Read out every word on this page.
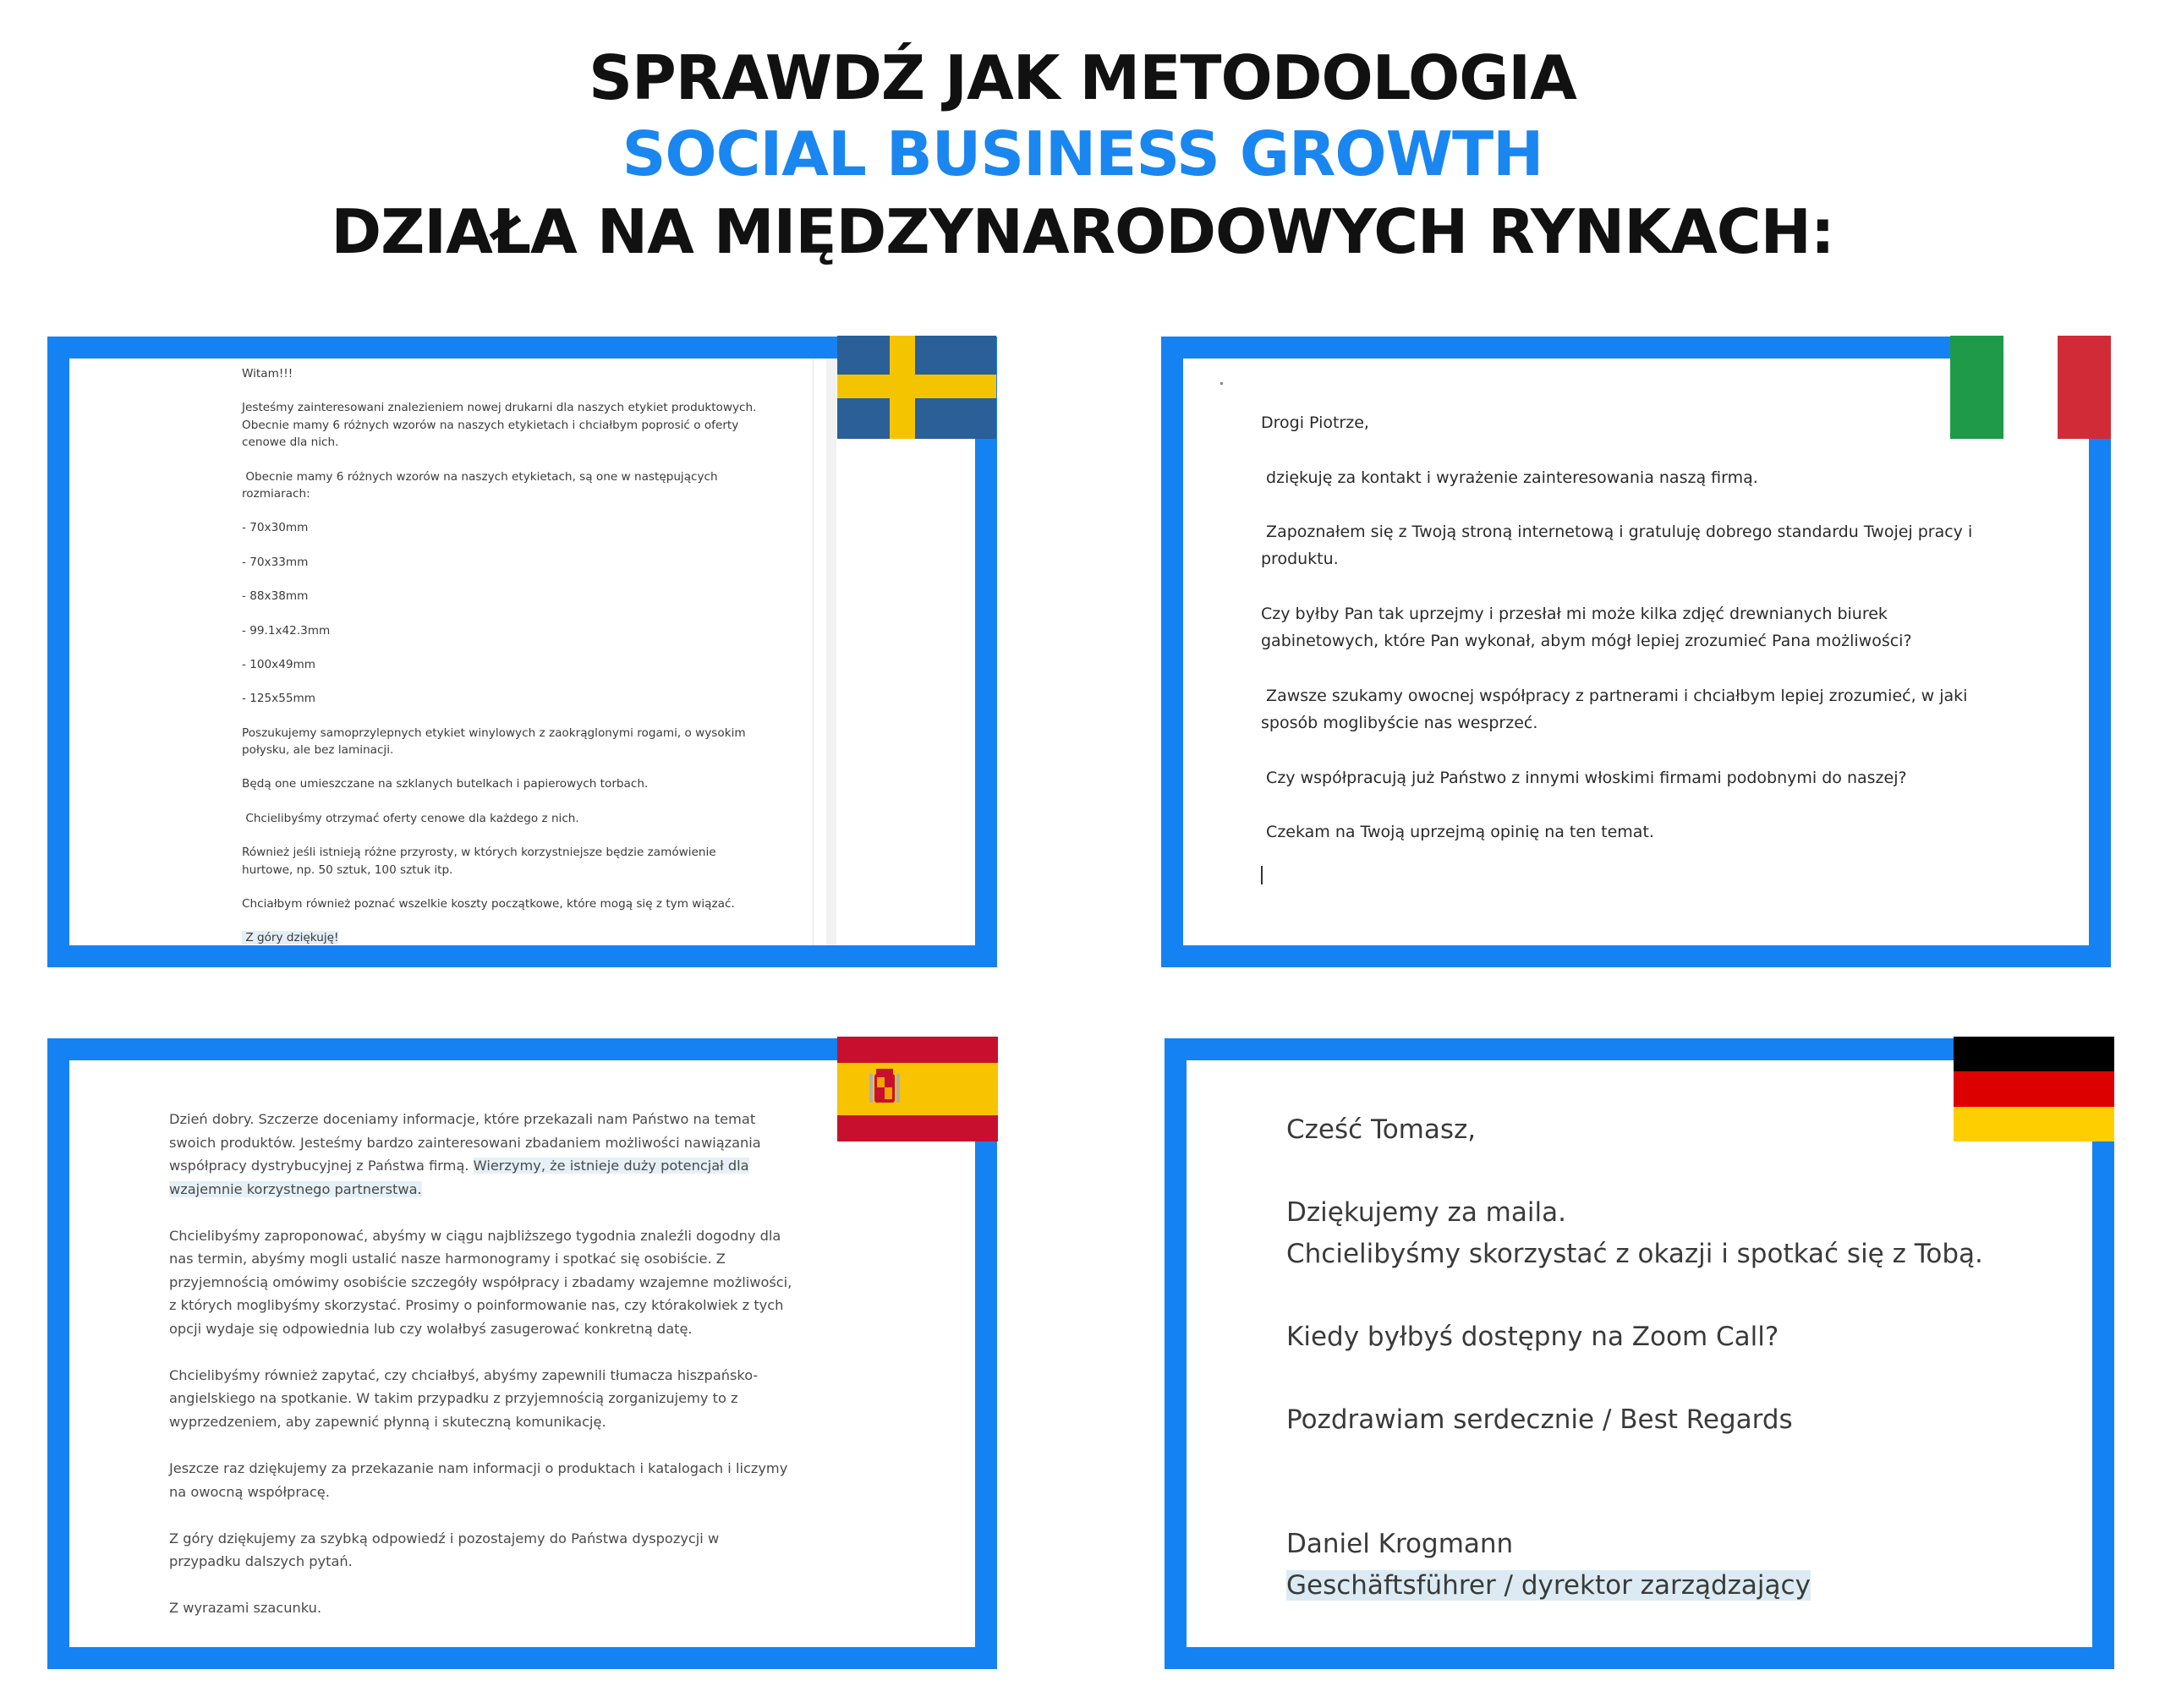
SPRAWDŹ JAK METODOLOGIA
SOCIAL BUSINESS GROWTH
DZIAŁA NA MIĘDZYNARODOWYCH RYNKACH:
Witam!!!
Jesteśmy zainteresowani znalezieniem nowej drukarni dla naszych etykiet produktowych.
Obecnie mamy 6 różnych wzorów na naszych etykietach i chciałbym poprosić o oferty
cenowe dla nich.
Obecnie mamy 6 różnych wzorów na naszych etykietach, są one w następujących
rozmiarach:
- 70x30mm
- 70x33mm
- 88x38mm
- 99.1x42.3mm
- 100x49mm
- 125x55mm
Poszukujemy samoprzylepnych etykiet winylowych z zaokrąglonymi rogami, o wysokim
połysku, ale bez laminacji.
Będą one umieszczane na szklanych butelkach i papierowych torbach.
Chcielibyśmy otrzymać oferty cenowe dla każdego z nich.
Również jeśli istnieją różne przyrosty, w których korzystniejsze będzie zamówienie
hurtowe, np. 50 sztuk, 100 sztuk itp.
Chciałbym również poznać wszelkie koszty początkowe, które mogą się z tym wiązać.
Z góry dziękuję!
Drogi Piotrze,

dziękuję za kontakt i wyrażenie zainteresowania naszą firmą.

Zapoznałem się z Twoją stroną internetową i gratuluję dobrego standardu Twojej pracy i
produktu.

Czy byłby Pan tak uprzejmy i przesłał mi może kilka zdjęć drewnianych biurek
gabinetowych, które Pan wykonał, abym mógł lepiej zrozumieć Pana możliwości?

Zawsze szukamy owocnej współpracy z partnerami i chciałbym lepiej zrozumieć, w jaki
sposób moglibyście nas wesprzeć.

Czy współpracują już Państwo z innymi włoskimi firmami podobnymi do naszej?

Czekam na Twoją uprzejmą opinię na ten temat.
Dzień dobry. Szczerze doceniamy informacje, które przekazali nam Państwo na temat
swoich produktów. Jesteśmy bardzo zainteresowani zbadaniem możliwości nawiązania
współpracy dystrybucyjnej z Państwa firmą. Wierzymy, że istnieje duży potencjał dla
wzajemnie korzystnego partnerstwa.

Chcielibyśmy zaproponować, abyśmy w ciągu najbliższego tygodnia znaleźli dogodny dla
nas termin, abyśmy mogli ustalić nasze harmonogramy i spotkać się osobiście. Z
przyjemnością omówimy osobiście szczegóły współpracy i zbadamy wzajemne możliwości,
z których moglibyśmy skorzystać. Prosimy o poinformowanie nas, czy którakolwiek z tych
opcji wydaje się odpowiednia lub czy wolałbyś zasugerować konkretną datę.

Chcielibyśmy również zapytać, czy chciałbyś, abyśmy zapewnili tłumacza hiszpańsko-
angielskiego na spotkanie. W takim przypadku z przyjemnością zorganizujemy to z
wyprzedzeniem, aby zapewnić płynną i skuteczną komunikację.

Jeszcze raz dziękujemy za przekazanie nam informacji o produktach i katalogach i liczymy
na owocną współpracę.

Z góry dziękujemy za szybką odpowiedź i pozostajemy do Państwa dyspozycji w
przypadku dalszych pytań.

Z wyrazami szacunku.
Cześć Tomasz,

Dziękujemy za maila.
Chcielibyśmy skorzystać z okazji i spotkać się z Tobą.

Kiedy byłbyś dostępny na Zoom Call?

Pozdrawiam serdecznie / Best Regards

Daniel Krogmann
Geschäftsführer / dyrektor zarządzający
